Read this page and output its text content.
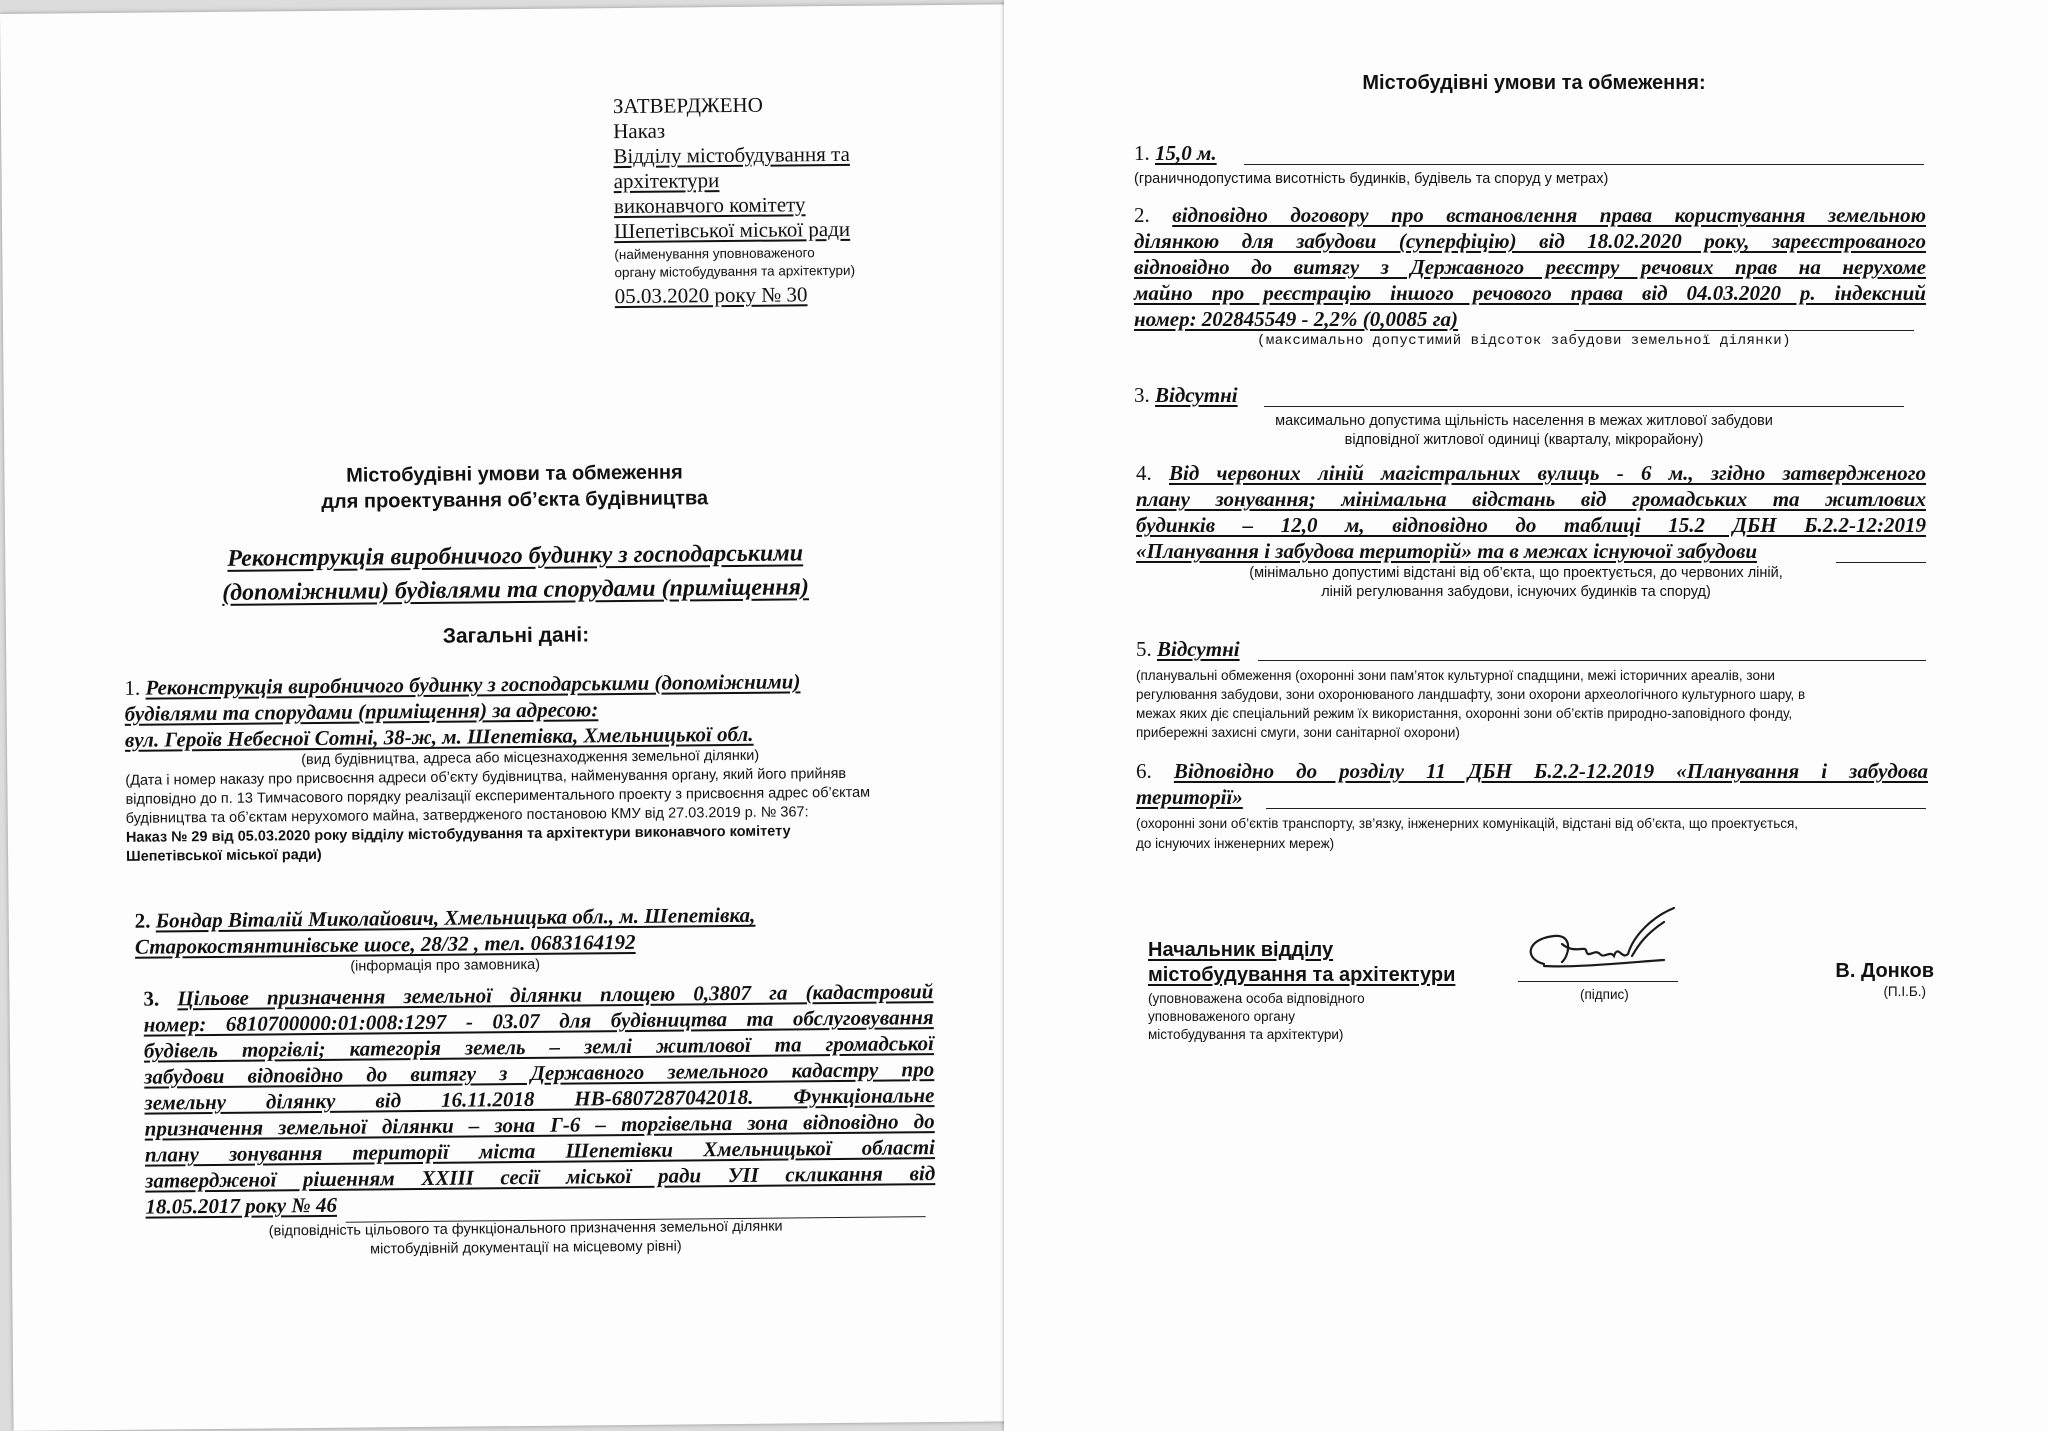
ЗАТВЕРДЖЕНО
Наказ
Відділу містобудування та
архітектури
виконавчого комітету
Шепетівської міської ради
(найменування уповноваженого
органу містобудування та архітектури)
05.03.2020 року № 30
Містобудівні умови та обмеження
для проектування об’єкта будівництва
Реконструкція виробничого будинку з господарськими
(допоміжними) будівлями та спорудами (приміщення)
Загальні дані:
1. Реконструкція виробничого будинку з господарськими (допоміжними)
будівлями та спорудами (приміщення) за адресою:
вул. Героїв Небесної Сотні, 38-ж, м. Шепетівка, Хмельницької обл.
(вид будівництва, адреса або місцезнаходження земельної ділянки)
(Дата і номер наказу про присвоєння адреси об’єкту будівництва, найменування органу, який його прийняв
відповідно до п. 13 Тимчасового порядку реалізації експериментального проекту з присвоєння адрес об’єктам
будівництва та об’єктам нерухомого майна, затвердженого постановою КМУ від 27.03.2019 р. № 367:
Наказ № 29 від 05.03.2020 року відділу містобудування та архітектури виконавчого комітету
Шепетівської міської ради)
2. Бондар Віталій Миколайович, Хмельницька обл., м. Шепетівка,
Старокостянтинівське шосе, 28/32 , тел. 0683164192
(інформація про замовника)
3. Цільове призначення земельної ділянки площею 0,3807 га (кадастровий
номер: 6810700000:01:008:1297 - 03.07 для будівництва та обслуговування
будівель торгівлі; категорія земель – землі житлової та громадської
забудови відповідно до витягу з Державного земельного кадастру про
земельну ділянку від 16.11.2018 НВ-6807287042018. Функціональне
призначення земельної ділянки – зона Г-6 – торгівельна зона відповідно до
плану зонування території міста Шепетівки Хмельницької області
затвердженої рішенням ХХІІІ сесії міської ради УІІ скликання від
18.05.2017 року № 46
(відповідність цільового та функціонального призначення земельної ділянки
містобудівній документації на місцевому рівні)
Містобудівні умови та обмеження:
1. 15,0 м.
(граничнодопустима висотність будинків, будівель та споруд у метрах)
2. відповідно договору про встановлення права користування земельною
ділянкою для забудови (суперфіцію) від 18.02.2020 року, зареєстрованого
відповідно до витягу з Державного реєстру речових прав на нерухоме
майно про реєстрацію іншого речового права від 04.03.2020 р. індексний
номер: 202845549 - 2,2% (0,0085 га)
(максимально допустимий відсоток забудови земельної ділянки)
3. Відсутні
максимально допустима щільність населення в межах житлової забудови
відповідної житлової одиниці (кварталу, мікрорайону)
4. Від червоних ліній магістральних вулиць - 6 м., згідно затвердженого
плану зонування; мінімальна відстань від громадських та житлових
будинків – 12,0 м, відповідно до таблиці 15.2 ДБН Б.2.2-12:2019
«Планування і забудова територій» та в межах існуючої забудови
(мінімально допустимі відстані від об’єкта, що проектується, до червоних ліній,
ліній регулювання забудови, існуючих будинків та споруд)
5. Відсутні
(планувальні обмеження (охоронні зони пам’яток культурної спадщини, межі історичних ареалів, зони
регулювання забудови, зони охоронюваного ландшафту, зони охорони археологічного культурного шару, в
межах яких діє спеціальний режим їх використання, охоронні зони об’єктів природно-заповідного фонду,
прибережні захисні смуги, зони санітарної охорони)
6. Відповідно до розділу 11 ДБН Б.2.2-12.2019 «Планування і забудова
території»
(охоронні зони об’єктів транспорту, зв’язку, інженерних комунікацій, відстані від об’єкта, що проектується,
до існуючих інженерних мереж)
Начальник відділу
містобудування та архітектури
(уповноважена особа відповідного
уповноваженого органу
містобудування та архітектури)
(підпис)
В. Донков
(П.І.Б.)
